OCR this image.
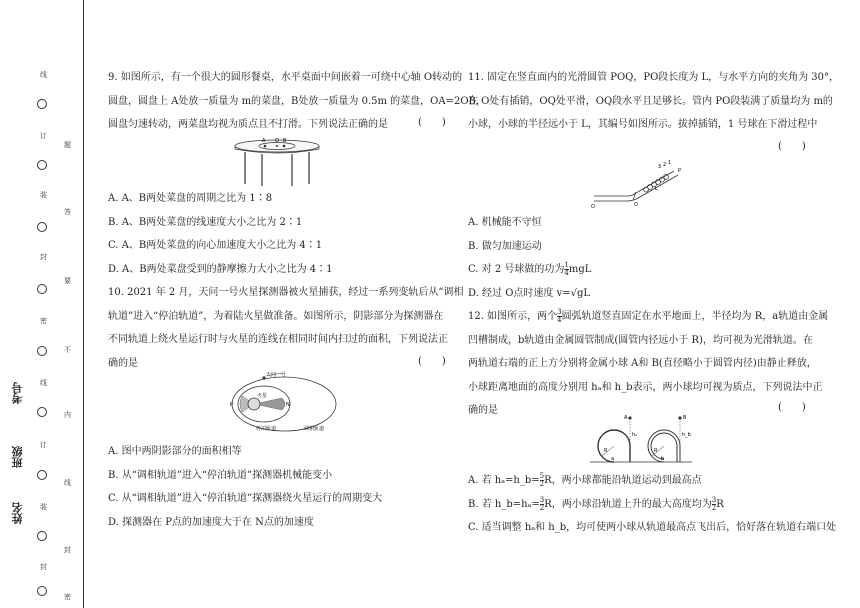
线
订
题
装
答
封
要
密
不
线
内
订
线
装
封
封
密
考号
班级
姓名

9. 如图所示，有一个很大的圆形餐桌，水平桌面中间嵌着一可绕中心轴 O转动的

圆盘，圆盘上 A处放一质量为 m的菜盘，B处放一质量为 0.5m 的菜盘，OA=2OB，

圆盘匀速转动，两菜盘均视为质点且不打滑。下列说法正确的是	(　　)
A O B

A. A、B两处菜盘的周期之比为 1∶8

B. A、B两处菜盘的线速度大小之比为 2∶1

C. A、B两处菜盘的向心加速度大小之比为 4∶1

D. A、B两处菜盘受到的静摩擦力大小之比为 4∶1

10. 2021 年 2 月，天问一号火星探测器被火星捕获，经过一系列变轨后从“调相

轨道”进入“停泊轨道”，为着陆火星做准备。如图所示，阴影部分为探测器在

不同轨道上绕火星运行时与火星的连线在相同时间内扫过的面积，下列说法正

确的是	(　　)
天问一号
火星
P	N
停泊轨道	调相轨道

A. 图中两阴影部分的面积相等

B. 从“调相轨道”进入“停泊轨道”探测器机械能变小

C. 从“调相轨道”进入“停泊轨道”探测器绕火星运行的周期变大

D. 探测器在 P点的加速度大于在 N点的加速度

11. 固定在竖直面内的光滑圆管 POQ，PO段长度为 L，与水平方向的夹角为 30°，

在 O处有插销，OQ处平滑，OQ段水平且足够长。管内 PO段装满了质量均为 m的

小球，小球的半径远小于 L，其编号如图所示。拔掉插销，1 号球在下滑过程中

(　　)
3 2 1
P
L
Q	O

A. 机械能不守恒

B. 做匀加速运动

C. 对 2 号球做的功为 $\frac{1}{4}$ mgL

D. 经过 O点时速度 v=√gL

12. 如图所示，两个 $\frac{3}{4}$ 圆弧轨道竖直固定在水平地面上，半径均为 R，a轨道由金属

凹槽制成，b轨道由金属圆管制成(圆管内径远小于 R)，均可视为光滑轨道。在

两轨道右端的正上方分别将金属小球 A和 B(直径略小于圆管内径)由静止释放，

小球距离地面的高度分别用 hₐ和 h_b表示，两小球均可视为质点，下列说法中正

确的是	(　　)
A	B
hₐ	h_b
a	b
R	R

A. 若 hₐ=h_b= $\frac{5}{2}$ R，两小球都能沿轨道运动到最高点

B. 若 h_b=hₐ= $\frac{3}{2}$ R，两小球沿轨道上升的最大高度均为 $\frac{3}{2}$ R

C. 适当调整 hₐ和 h_b，均可使两小球从轨道最高点飞出后，恰好落在轨道右端口处
